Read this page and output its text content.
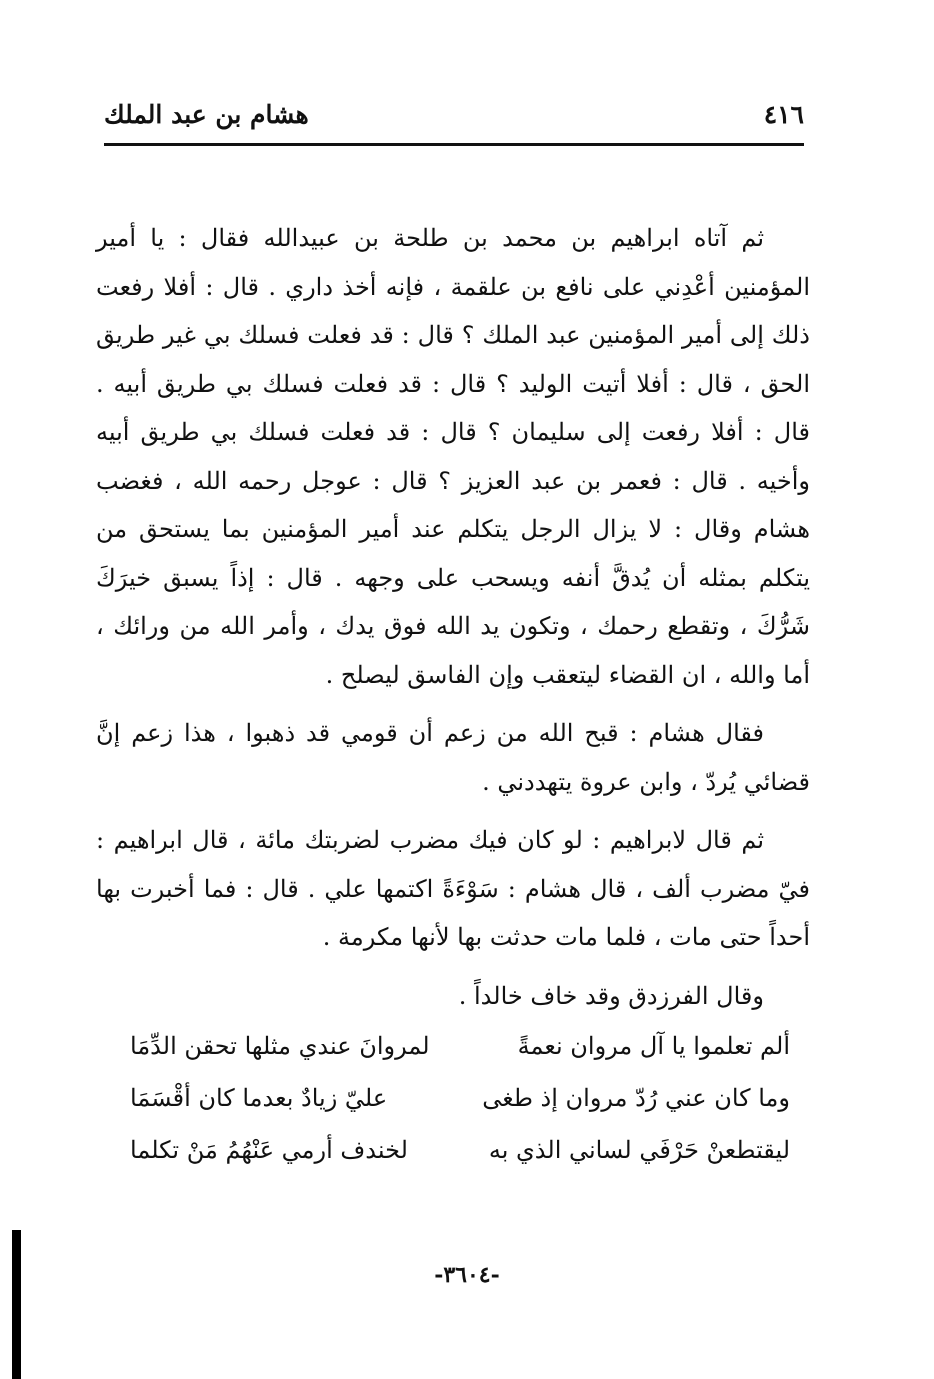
٤١٦
هشام بن عبد الملك

ثم آتاه ابراهيم بن محمد بن طلحة بن عبيدالله فقال : يا أمير المؤمنين أعْدِني على نافع بن علقمة ، فإنه أخذ داري . قال : أفلا رفعت ذلك إلى أمير المؤمنين عبد الملك ؟ قال : قد فعلت فسلك بي غير طريق الحق ، قال : أفلا أتيت الوليد ؟ قال : قد فعلت فسلك بي طريق أبيه . قال : أفلا رفعت إلى سليمان ؟ قال : قد فعلت فسلك بي طريق أبيه وأخيه . قال : فعمر بن عبد العزيز ؟ قال : عوجل رحمه الله ، فغضب هشام وقال : لا يزال الرجل يتكلم عند أمير المؤمنين بما يستحق من يتكلم بمثله أن يُدقَّ أنفه ويسحب على وجهه . قال : إذاً يسبق خيرَكَ شَرُّكَ ، وتقطع رحمك ، وتكون يد الله فوق يدك ، وأمر الله من ورائك ، أما والله ، ان القضاء ليتعقب وإن الفاسق ليصلح .

فقال هشام : قبح الله من زعم أن قومي قد ذهبوا ، هذا زعم إنَّ قضائي يُردّ ، وابن عروة يتهددني .

ثم قال لابراهيم : لو كان فيك مضرب لضربتك مائة ، قال ابراهيم : فيّ مضرب ألف ، قال هشام : سَوْءَةً اكتمها علي . قال : فما أخبرت بها أحداً حتى مات ، فلما مات حدثت بها لأنها مكرمة .

وقال الفرزدق وقد خاف خالداً .

ألم تعلموا يا آل مروان نعمةً
لمروانَ عندي مثلها تحقن الدِّمَا
وما كان عني رُدّ مروان إذ طغى
عليّ زيادٌ بعدما كان أقْسَمَا
ليقتطعنْ حَرْفَي لساني الذي به
لخندف أرمي عَنْهُمُ مَنْ تكلما
-٣٦٠٤-
